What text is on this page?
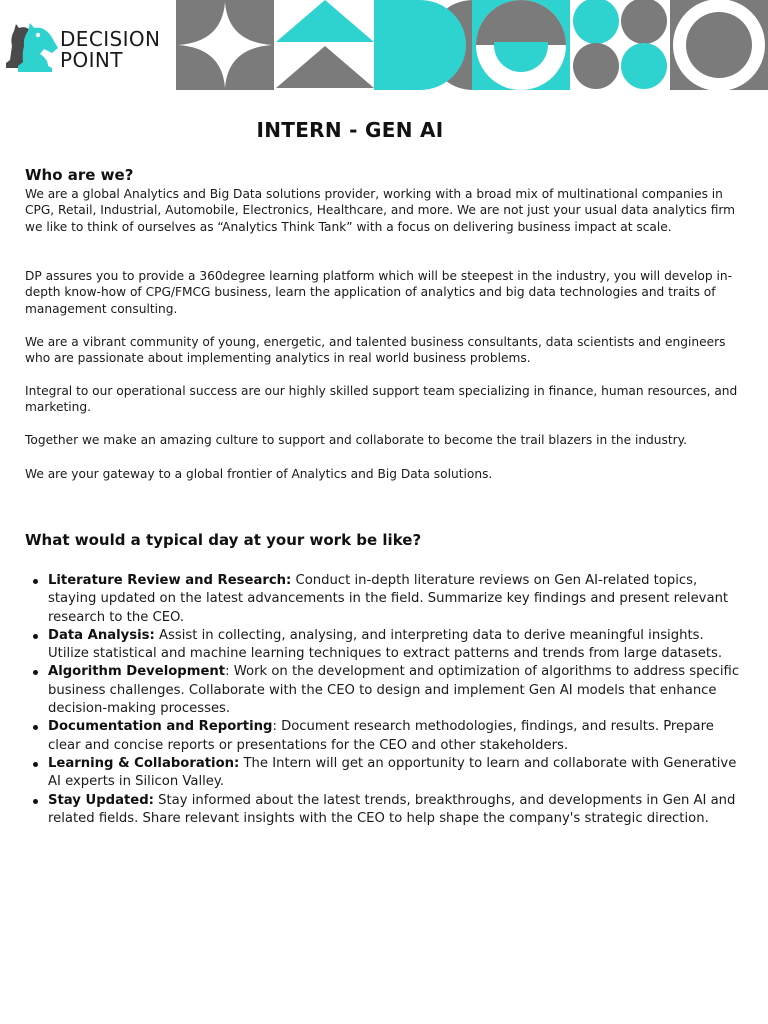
DECISION
POINT
INTERN - GEN AI
Who are we?

We are a global Analytics and Big Data solutions provider, working with a broad mix of multinational companies in CPG, Retail, Industrial, Automobile, Electronics, Healthcare, and more. We are not just your usual data analytics firm we like to think of ourselves as “Analytics Think Tank” with a focus on delivering business impact at scale.

DP assures you to provide a 360degree learning platform which will be steepest in the industry, you will develop in-depth know-how of CPG/FMCG business, learn the application of analytics and big data technologies and traits of management consulting.

We are a vibrant community of young, energetic, and talented business consultants, data scientists and engineers who are passionate about implementing analytics in real world business problems.

Integral to our operational success are our highly skilled support team specializing in finance, human resources, and marketing.

Together we make an amazing culture to support and collaborate to become the trail blazers in the industry.

We are your gateway to a global frontier of Analytics and Big Data solutions.

What would a typical day at your work be like?
Literature Review and Research: Conduct in-depth literature reviews on Gen AI-related topics, staying updated on the latest advancements in the field. Summarize key findings and present relevant research to the CEO.
Data Analysis: Assist in collecting, analysing, and interpreting data to derive meaningful insights. Utilize statistical and machine learning techniques to extract patterns and trends from large datasets.
Algorithm Development: Work on the development and optimization of algorithms to address specific business challenges. Collaborate with the CEO to design and implement Gen AI models that enhance decision-making processes.
Documentation and Reporting: Document research methodologies, findings, and results. Prepare clear and concise reports or presentations for the CEO and other stakeholders.
Learning & Collaboration: The Intern will get an opportunity to learn and collaborate with Generative AI experts in Silicon Valley.
Stay Updated: Stay informed about the latest trends, breakthroughs, and developments in Gen AI and related fields. Share relevant insights with the CEO to help shape the company's strategic direction.
